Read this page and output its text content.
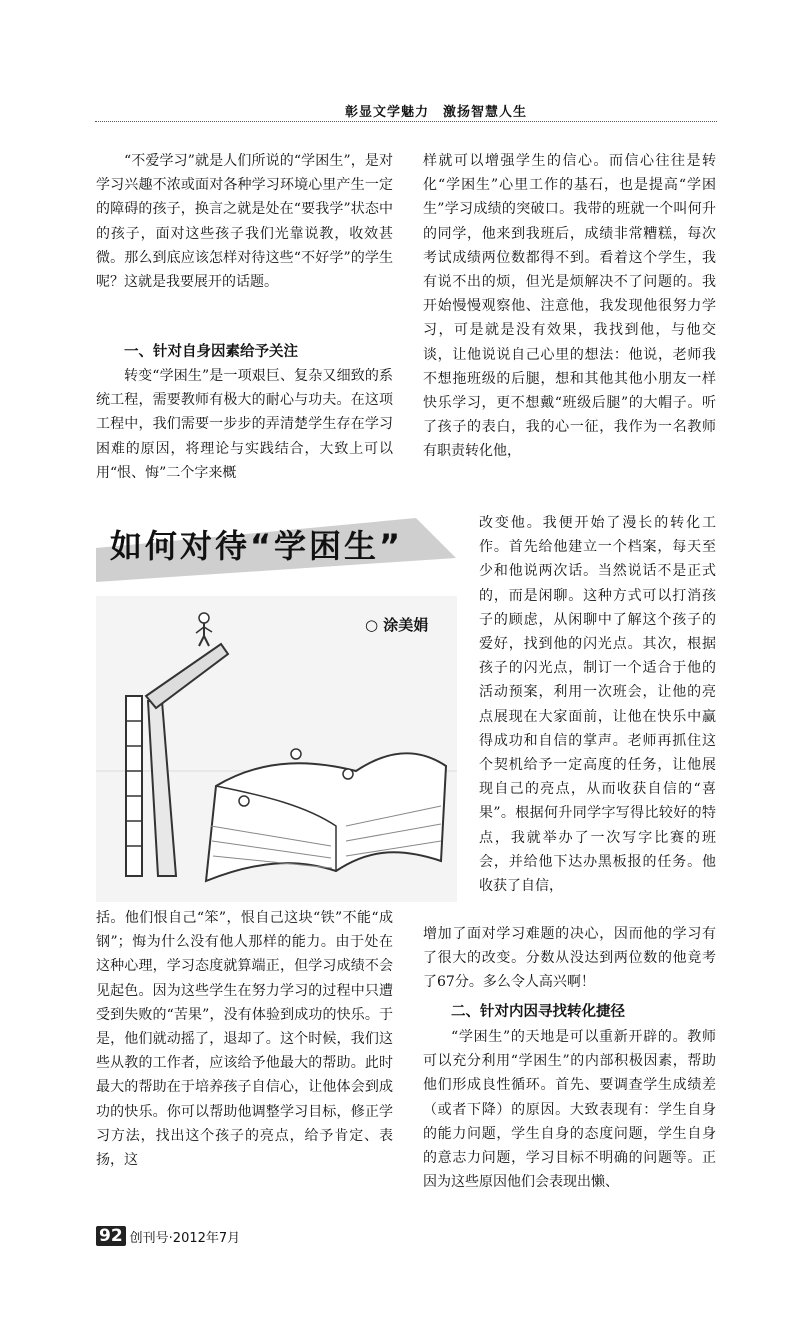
彰显文学魅力　激扬智慧人生

“不爱学习”就是人们所说的“学困生”，是对学习兴趣不浓或面对各种学习环境心里产生一定的障碍的孩子，换言之就是处在“要我学”状态中的孩子，面对这些孩子我们光靠说教，收效甚微。那么到底应该怎样对待这些“不好学”的学生呢？这就是我要展开的话题。

一、针对自身因素给予关注

转变“学困生”是一项艰巨、复杂又细致的系统工程，需要教师有极大的耐心与功夫。在这项工程中，我们需要一步步的弄清楚学生存在学习困难的原因，将理论与实践结合，大致上可以用“恨、悔”二个字来概

如何对待“学困生”
○ 涂美娟

括。他们恨自己“笨”，恨自己这块“铁”不能“成钢”；悔为什么没有他人那样的能力。由于处在这种心理，学习态度就算端正，但学习成绩不会见起色。因为这些学生在努力学习的过程中只遭受到失败的“苦果”，没有体验到成功的快乐。于是，他们就动摇了，退却了。这个时候，我们这些从教的工作者，应该给予他最大的帮助。此时最大的帮助在于培养孩子自信心，让他体会到成功的快乐。你可以帮助他调整学习目标，修正学习方法，找出这个孩子的亮点，给予肯定、表扬，这

样就可以增强学生的信心。而信心往往是转化“学困生”心里工作的基石，也是提高“学困生”学习成绩的突破口。我带的班就一个叫何升的同学，他来到我班后，成绩非常糟糕，每次考试成绩两位数都得不到。看着这个学生，我有说不出的烦，但光是烦解决不了问题的。我开始慢慢观察他、注意他，我发现他很努力学习，可是就是没有效果，我找到他，与他交谈，让他说说自己心里的想法：他说，老师我不想拖班级的后腿，想和其他其他小朋友一样快乐学习，更不想戴“班级后腿”的大帽子。听了孩子的表白，我的心一征，我作为一名教师有职责转化他，

改变他。我便开始了漫长的转化工作。首先给他建立一个档案，每天至少和他说两次话。当然说话不是正式的，而是闲聊。这种方式可以打消孩子的顾虑，从闲聊中了解这个孩子的爱好，找到他的闪光点。其次，根据孩子的闪光点，制订一个适合于他的活动预案，利用一次班会，让他的亮点展现在大家面前，让他在快乐中赢得成功和自信的掌声。老师再抓住这个契机给予一定高度的任务，让他展现自己的亮点，从而收获自信的“喜果”。根据何升同学字写得比较好的特点，我就举办了一次写字比赛的班会，并给他下达办黑板报的任务。他收获了自信，

增加了面对学习难题的决心，因而他的学习有了很大的改变。分数从没达到两位数的他竟考了67分。多么令人高兴啊！

二、针对内因寻找转化捷径

“学困生”的天地是可以重新开辟的。教师可以充分利用“学困生”的内部积极因素，帮助他们形成良性循环。首先、要调查学生成绩差（或者下降）的原因。大致表现有：学生自身的能力问题，学生自身的态度问题，学生自身的意志力问题，学习目标不明确的问题等。正因为这些原因他们会表现出懒、

92 创刊号·2012年7月
